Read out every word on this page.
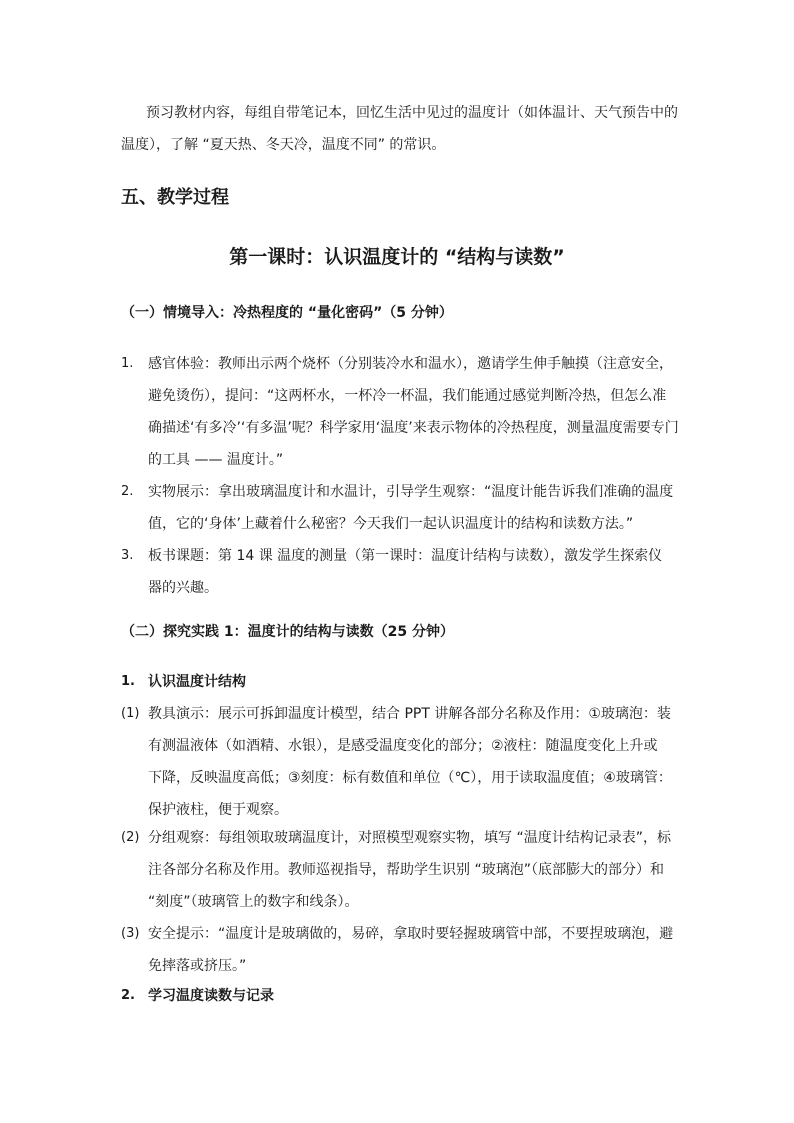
预习教材内容，每组自带笔记本，回忆生活中见过的温度计（如体温计、天气预告中的
温度），了解 “夏天热、冬天冷，温度不同” 的常识。
五、教学过程
第一课时：认识温度计的 “结构与读数”
（一）情境导入：冷热程度的 “量化密码”（5 分钟）
1. 感官体验：教师出示两个烧杯（分别装冷水和温水），邀请学生伸手触摸（注意安全，
避免烫伤），提问：“这两杯水，一杯冷一杯温，我们能通过感觉判断冷热，但怎么准
确描述‘有多冷’‘有多温’呢？科学家用‘温度’来表示物体的冷热程度，测量温度需要专门
的工具 —— 温度计。”
2. 实物展示：拿出玻璃温度计和水温计，引导学生观察：“温度计能告诉我们准确的温度
值，它的‘身体’上藏着什么秘密？今天我们一起认识温度计的结构和读数方法。”
3. 板书课题：第 14 课 温度的测量（第一课时：温度计结构与读数），激发学生探索仪
器的兴趣。
（二）探究实践 1：温度计的结构与读数（25 分钟）
1. 认识温度计结构
(1) 教具演示：展示可拆卸温度计模型，结合 PPT 讲解各部分名称及作用：①玻璃泡：装
有测温液体（如酒精、水银），是感受温度变化的部分；②液柱：随温度变化上升或
下降，反映温度高低；③刻度：标有数值和单位（℃），用于读取温度值；④玻璃管：
保护液柱，便于观察。
(2) 分组观察：每组领取玻璃温度计，对照模型观察实物，填写 “温度计结构记录表”，标
注各部分名称及作用。教师巡视指导，帮助学生识别 “玻璃泡”（底部膨大的部分）和
“刻度”（玻璃管上的数字和线条）。
(3) 安全提示：“温度计是玻璃做的，易碎，拿取时要轻握玻璃管中部，不要捏玻璃泡，避
免摔落或挤压。”
2. 学习温度读数与记录
